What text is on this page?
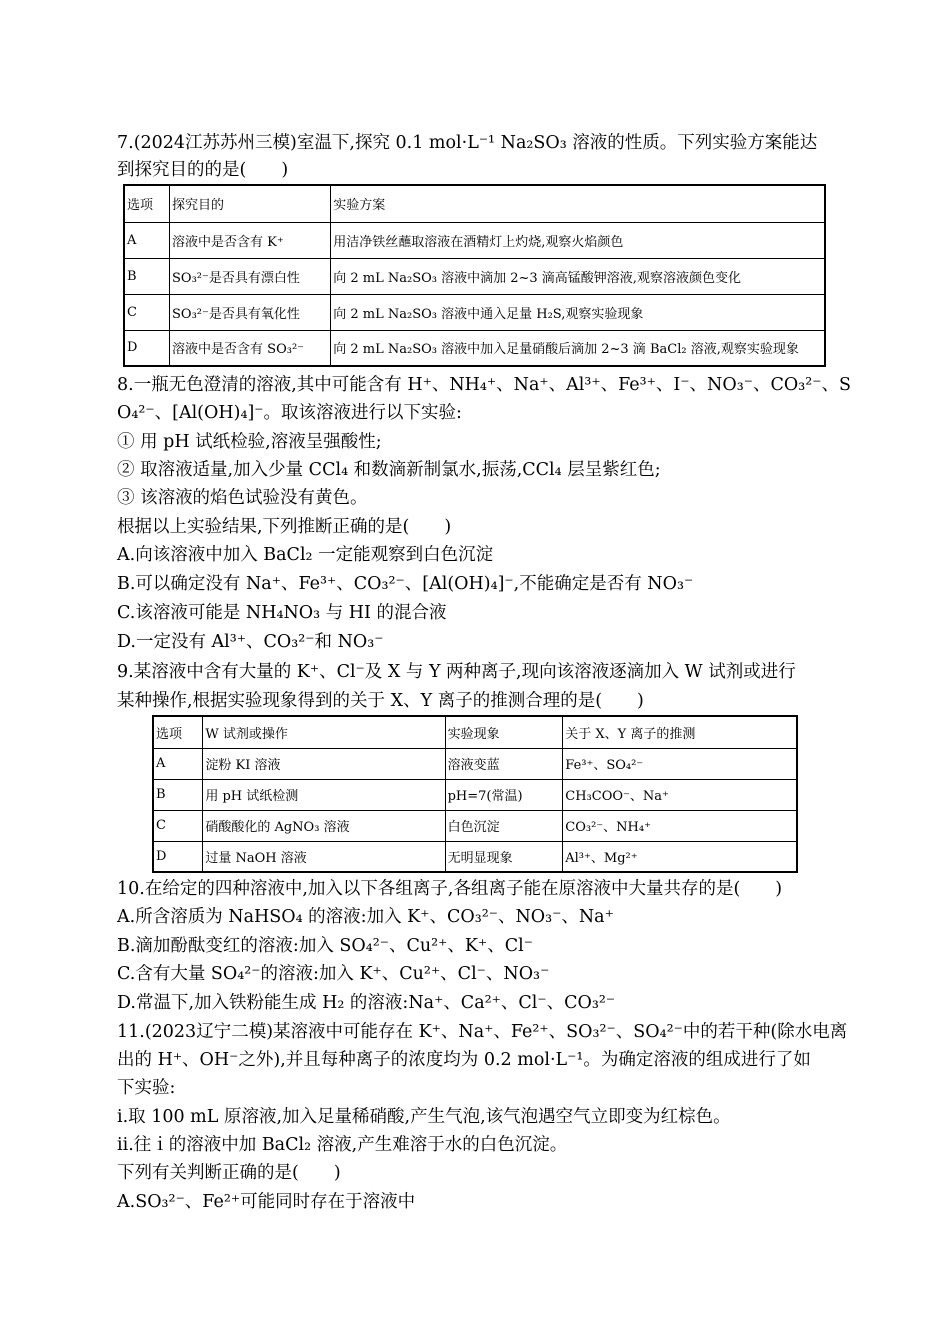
7.(2024江苏苏州三模)室温下,探究 0.1 mol·L⁻¹ Na₂SO₃ 溶液的性质。下列实验方案能达
到探究目的的是(　　)
选项	探究目的	实验方案
A	溶液中是否含有 K⁺	用洁净铁丝蘸取溶液在酒精灯上灼烧,观察火焰颜色
B	SO₃²⁻是否具有漂白性	向 2 mL Na₂SO₃ 溶液中滴加 2~3 滴高锰酸钾溶液,观察溶液颜色变化
C	SO₃²⁻是否具有氧化性	向 2 mL Na₂SO₃ 溶液中通入足量 H₂S,观察实验现象
D	溶液中是否含有 SO₃²⁻	向 2 mL Na₂SO₃ 溶液中加入足量硝酸后滴加 2~3 滴 BaCl₂ 溶液,观察实验现象
8.一瓶无色澄清的溶液,其中可能含有 H⁺、NH₄⁺、Na⁺、Al³⁺、Fe³⁺、I⁻、NO₃⁻、CO₃²⁻、S
O₄²⁻、[Al(OH)₄]⁻。取该溶液进行以下实验:
① 用 pH 试纸检验,溶液呈强酸性;
② 取溶液适量,加入少量 CCl₄ 和数滴新制氯水,振荡,CCl₄ 层呈紫红色;
③ 该溶液的焰色试验没有黄色。
根据以上实验结果,下列推断正确的是(　　)
A.向该溶液中加入 BaCl₂ 一定能观察到白色沉淀
B.可以确定没有 Na⁺、Fe³⁺、CO₃²⁻、[Al(OH)₄]⁻,不能确定是否有 NO₃⁻
C.该溶液可能是 NH₄NO₃ 与 HI 的混合液
D.一定没有 Al³⁺、CO₃²⁻和 NO₃⁻
9.某溶液中含有大量的 K⁺、Cl⁻及 X 与 Y 两种离子,现向该溶液逐滴加入 W 试剂或进行
某种操作,根据实验现象得到的关于 X、Y 离子的推测合理的是(　　)
选项	W 试剂或操作	实验现象	关于 X、Y 离子的推测
A	淀粉 KI 溶液	溶液变蓝	Fe³⁺、SO₄²⁻
B	用 pH 试纸检测	pH=7(常温)	CH₃COO⁻、Na⁺
C	硝酸酸化的 AgNO₃ 溶液	白色沉淀	CO₃²⁻、NH₄⁺
D	过量 NaOH 溶液	无明显现象	Al³⁺、Mg²⁺
10.在给定的四种溶液中,加入以下各组离子,各组离子能在原溶液中大量共存的是(　　)
A.所含溶质为 NaHSO₄ 的溶液:加入 K⁺、CO₃²⁻、NO₃⁻、Na⁺
B.滴加酚酞变红的溶液:加入 SO₄²⁻、Cu²⁺、K⁺、Cl⁻
C.含有大量 SO₄²⁻的溶液:加入 K⁺、Cu²⁺、Cl⁻、NO₃⁻
D.常温下,加入铁粉能生成 H₂ 的溶液:Na⁺、Ca²⁺、Cl⁻、CO₃²⁻
11.(2023辽宁二模)某溶液中可能存在 K⁺、Na⁺、Fe²⁺、SO₃²⁻、SO₄²⁻中的若干种(除水电离
出的 H⁺、OH⁻之外),并且每种离子的浓度均为 0.2 mol·L⁻¹。为确定溶液的组成进行了如
下实验:
i.取 100 mL 原溶液,加入足量稀硝酸,产生气泡,该气泡遇空气立即变为红棕色。
ii.往ｉ的溶液中加 BaCl₂ 溶液,产生难溶于水的白色沉淀。
下列有关判断正确的是(　　)
A.SO₃²⁻、Fe²⁺可能同时存在于溶液中
